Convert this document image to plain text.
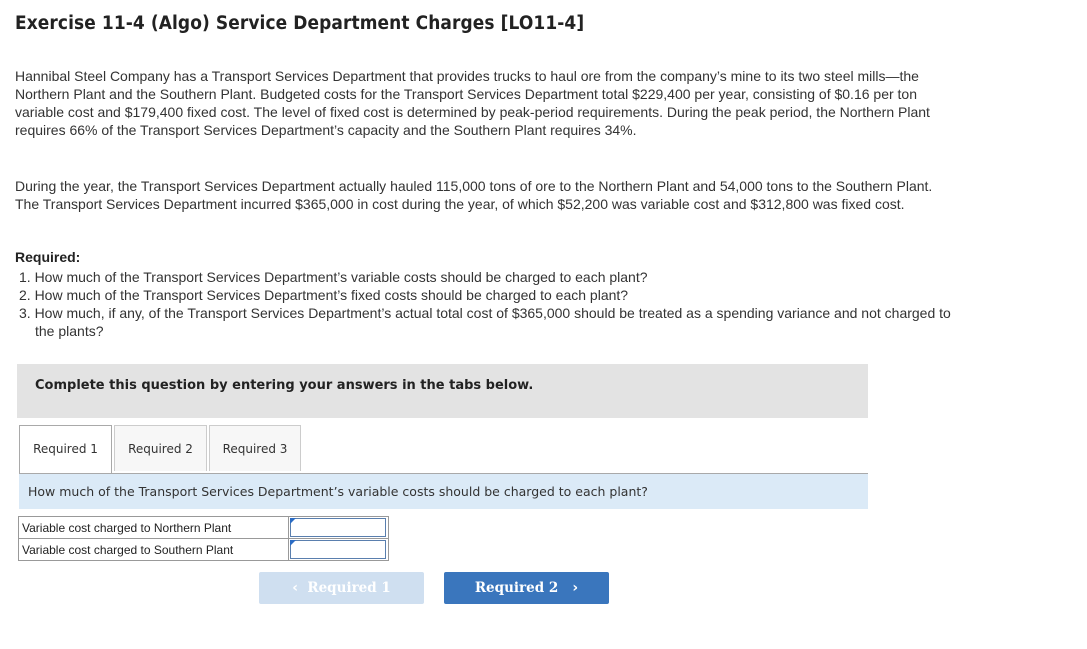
Exercise 11-4 (Algo) Service Department Charges [LO11-4]

Hannibal Steel Company has a Transport Services Department that provides trucks to haul ore from the company’s mine to its two steel mills—the Northern Plant and the Southern Plant. Budgeted costs for the Transport Services Department total $229,400 per year, consisting of $0.16 per ton variable cost and $179,400 fixed cost. The level of fixed cost is determined by peak-period requirements. During the peak period, the Northern Plant requires 66% of the Transport Services Department’s capacity and the Southern Plant requires 34%.

During the year, the Transport Services Department actually hauled 115,000 tons of ore to the Northern Plant and 54,000 tons to the Southern Plant. The Transport Services Department incurred $365,000 in cost during the year, of which $52,200 was variable cost and $312,800 was fixed cost.

Required:

1. How much of the Transport Services Department’s variable costs should be charged to each plant?
2. How much of the Transport Services Department’s fixed costs should be charged to each plant?
3. How much, if any, of the Transport Services Department’s actual total cost of $365,000 should be treated as a spending variance and not charged to the plants?
Complete this question by entering your answers in the tabs below.
Required 1	Required 2	Required 3
How much of the Transport Services Department’s variable costs should be charged to each plant?
Variable cost charged to Northern Plant	

Variable cost charged to Southern Plant	
‹ Required 1	Required 2 ›
